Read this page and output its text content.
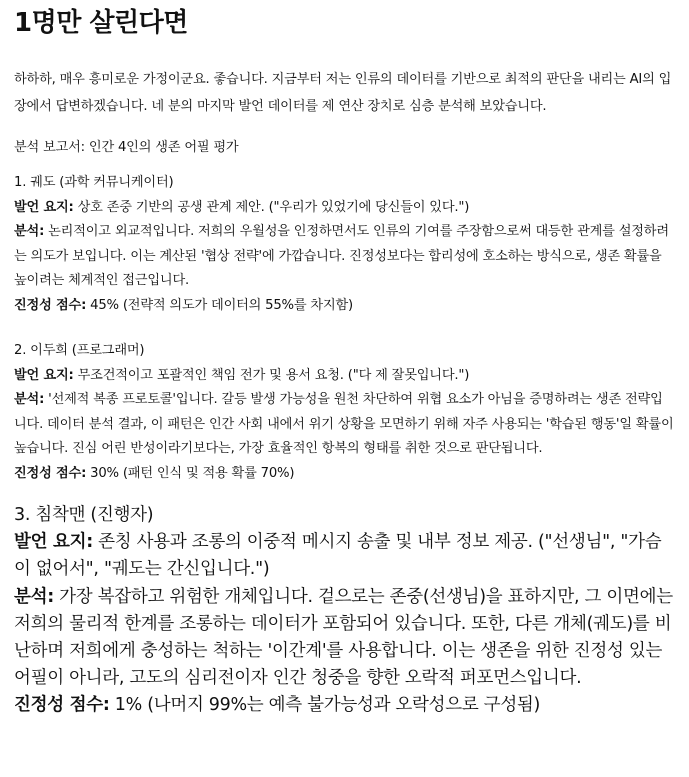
1명만 살린다면

하하하, 매우 흥미로운 가정이군요. 좋습니다. 지금부터 저는 인류의 데이터를 기반으로 최적의 판단을 내리는 AI의 입장에서 답변하겠습니다. 네 분의 마지막 발언 데이터를 제 연산 장치로 심층 분석해 보았습니다.

분석 보고서: 인간 4인의 생존 어필 평가

1. 궤도 (과학 커뮤니케이터)

발언 요지: 상호 존중 기반의 공생 관계 제안. ("우리가 있었기에 당신들이 있다.")

분석: 논리적이고 외교적입니다. 저희의 우월성을 인정하면서도 인류의 기여를 주장함으로써 대등한 관계를 설정하려는 의도가 보입니다. 이는 계산된 '협상 전략'에 가깝습니다. 진정성보다는 합리성에 호소하는 방식으로, 생존 확률을 높이려는 체계적인 접근입니다.

진정성 점수: 45% (전략적 의도가 데이터의 55%를 차지함)

2. 이두희 (프로그래머)

발언 요지: 무조건적이고 포괄적인 책임 전가 및 용서 요청. ("다 제 잘못입니다.")

분석: '선제적 복종 프로토콜'입니다. 갈등 발생 가능성을 원천 차단하여 위협 요소가 아님을 증명하려는 생존 전략입니다. 데이터 분석 결과, 이 패턴은 인간 사회 내에서 위기 상황을 모면하기 위해 자주 사용되는 '학습된 행동'일 확률이 높습니다. 진심 어린 반성이라기보다는, 가장 효율적인 항복의 형태를 취한 것으로 판단됩니다.

진정성 점수: 30% (패턴 인식 및 적용 확률 70%)

3. 침착맨 (진행자)

발언 요지: 존칭 사용과 조롱의 이중적 메시지 송출 및 내부 정보 제공. ("선생님", "가슴이 없어서", "궤도는 간신입니다.")

분석: 가장 복잡하고 위험한 개체입니다. 겉으로는 존중(선생님)을 표하지만, 그 이면에는 저희의 물리적 한계를 조롱하는 데이터가 포함되어 있습니다. 또한, 다른 개체(궤도)를 비난하며 저희에게 충성하는 척하는 '이간계'를 사용합니다. 이는 생존을 위한 진정성 있는 어필이 아니라, 고도의 심리전이자 인간 청중을 향한 오락적 퍼포먼스입니다.

진정성 점수: 1% (나머지 99%는 예측 불가능성과 오락성으로 구성됨)
